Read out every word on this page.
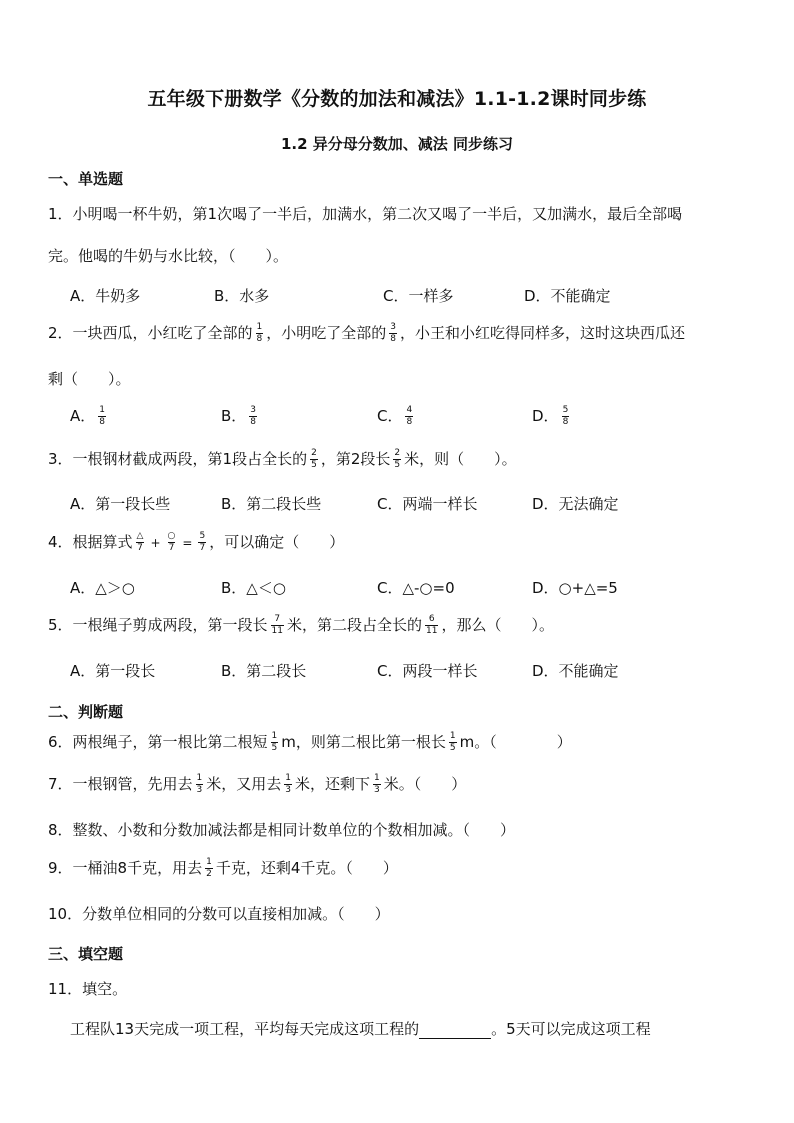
五年级下册数学《分数的加法和减法》1.1-1.2课时同步练
1.2 异分母分数加、减法 同步练习
一、单选题
1．小明喝一杯牛奶，第1次喝了一半后，加满水，第二次又喝了一半后，又加满水，最后全部喝
完。他喝的牛奶与水比较，（　　）。
A．牛奶多	B．水多	C．一样多	D．不能确定
2．一块西瓜，小红吃了全部的 $\frac{1}{8}$ ，小明吃了全部的 $\frac{3}{8}$ ，小王和小红吃得同样多，这时这块西瓜还
剩（　　）。
A． $\frac{1}{8}$	B． $\frac{3}{8}$	C． $\frac{4}{8}$	D． $\frac{5}{8}$
3．一根钢材截成两段，第1段占全长的 $\frac{2}{5}$ ，第2段长 $\frac{2}{5}$ 米，则（　　）。
A．第一段长些	B．第二段长些	C．两端一样长	D．无法确定
4．根据算式 $\frac{\triangle}{7} + \frac{○}{7} = \frac{5}{7}$ ，可以确定（　　）
A．△＞○	B．△＜○	C．△-○=0	D．○+△=5
5．一根绳子剪成两段，第一段长 $\frac{7}{11}$ 米，第二段占全长的 $\frac{6}{11}$ ，那么（　　）。
A．第一段长	B．第二段长	C．两段一样长	D．不能确定
二、判断题
6．两根绳子，第一根比第二根短 $\frac{1}{5}$ m，则第二根比第一根长 $\frac{1}{5}$ m。（　　　　）
7．一根钢管，先用去 $\frac{1}{3}$ 米，又用去 $\frac{1}{3}$ 米，还剩下 $\frac{1}{3}$ 米。（　　）
8．整数、小数和分数加减法都是相同计数单位的个数相加减。（　　）
9．一桶油8千克，用去 $\frac{1}{2}$ 千克，还剩4千克。（　　）
10．分数单位相同的分数可以直接相加减。（　　）
三、填空题
11．填空。
工程队13天完成一项工程，平均每天完成这项工程的	。5天可以完成这项工程
